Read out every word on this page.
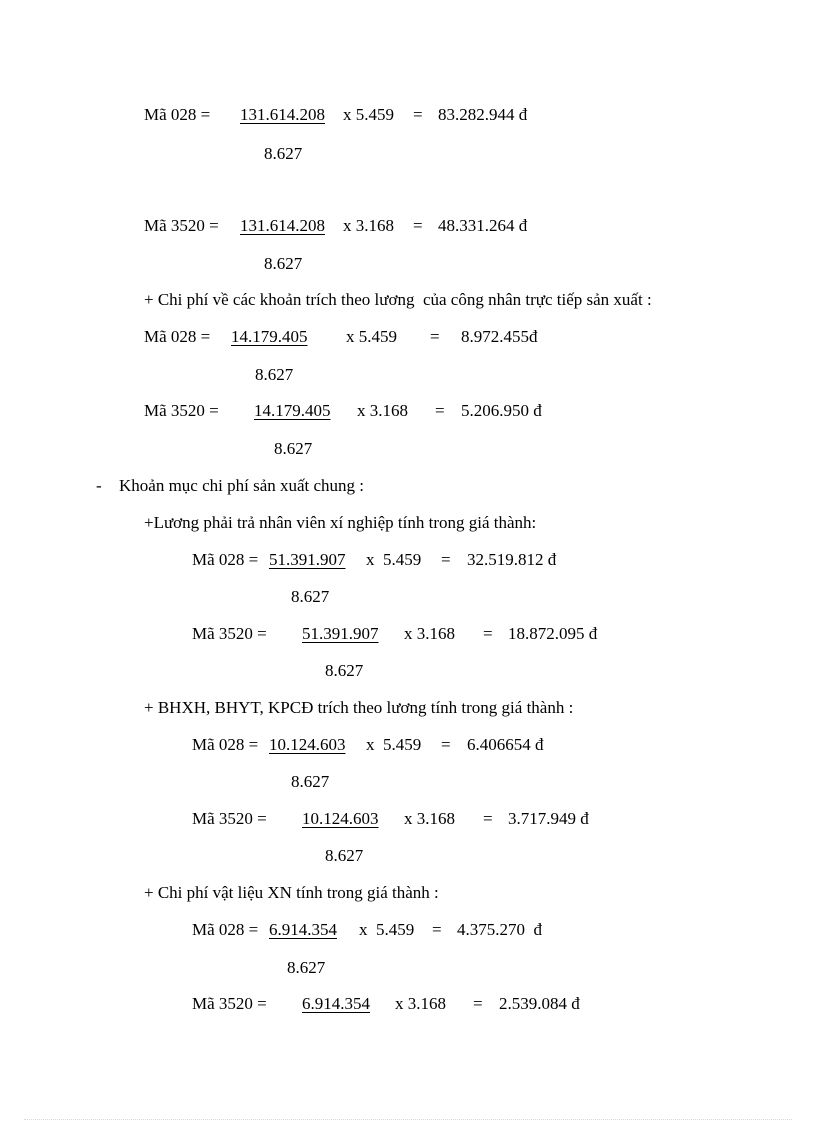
Mã 028 = 131.614.208 x 5.459 = 83.282.944 đ
8.627
Mã 3520 = 131.614.208 x 3.168 = 48.331.264 đ
8.627
+ Chi phí về các khoản trích theo lương  của công nhân trực tiếp sản xuất :
Mã 028 = 14.179.405 x 5.459 = 8.972.455đ
8.627
Mã 3520 = 14.179.405 x 3.168 = 5.206.950 đ
8.627
- Khoản mục chi phí sản xuất chung :
+Lương phải trả nhân viên xí nghiệp tính trong giá thành:
Mã 028 = 51.391.907 x  5.459 = 32.519.812 đ
8.627
Mã 3520 = 51.391.907 x 3.168 = 18.872.095 đ
8.627
+ BHXH, BHYT, KPCĐ trích theo lương tính trong giá thành :
Mã 028 = 10.124.603 x  5.459 = 6.406654 đ
8.627
Mã 3520 = 10.124.603 x 3.168 = 3.717.949 đ
8.627
+ Chi phí vật liệu XN tính trong giá thành :
Mã 028 = 6.914.354 x  5.459 = 4.375.270  đ
8.627
Mã 3520 = 6.914.354 x 3.168 = 2.539.084 đ
